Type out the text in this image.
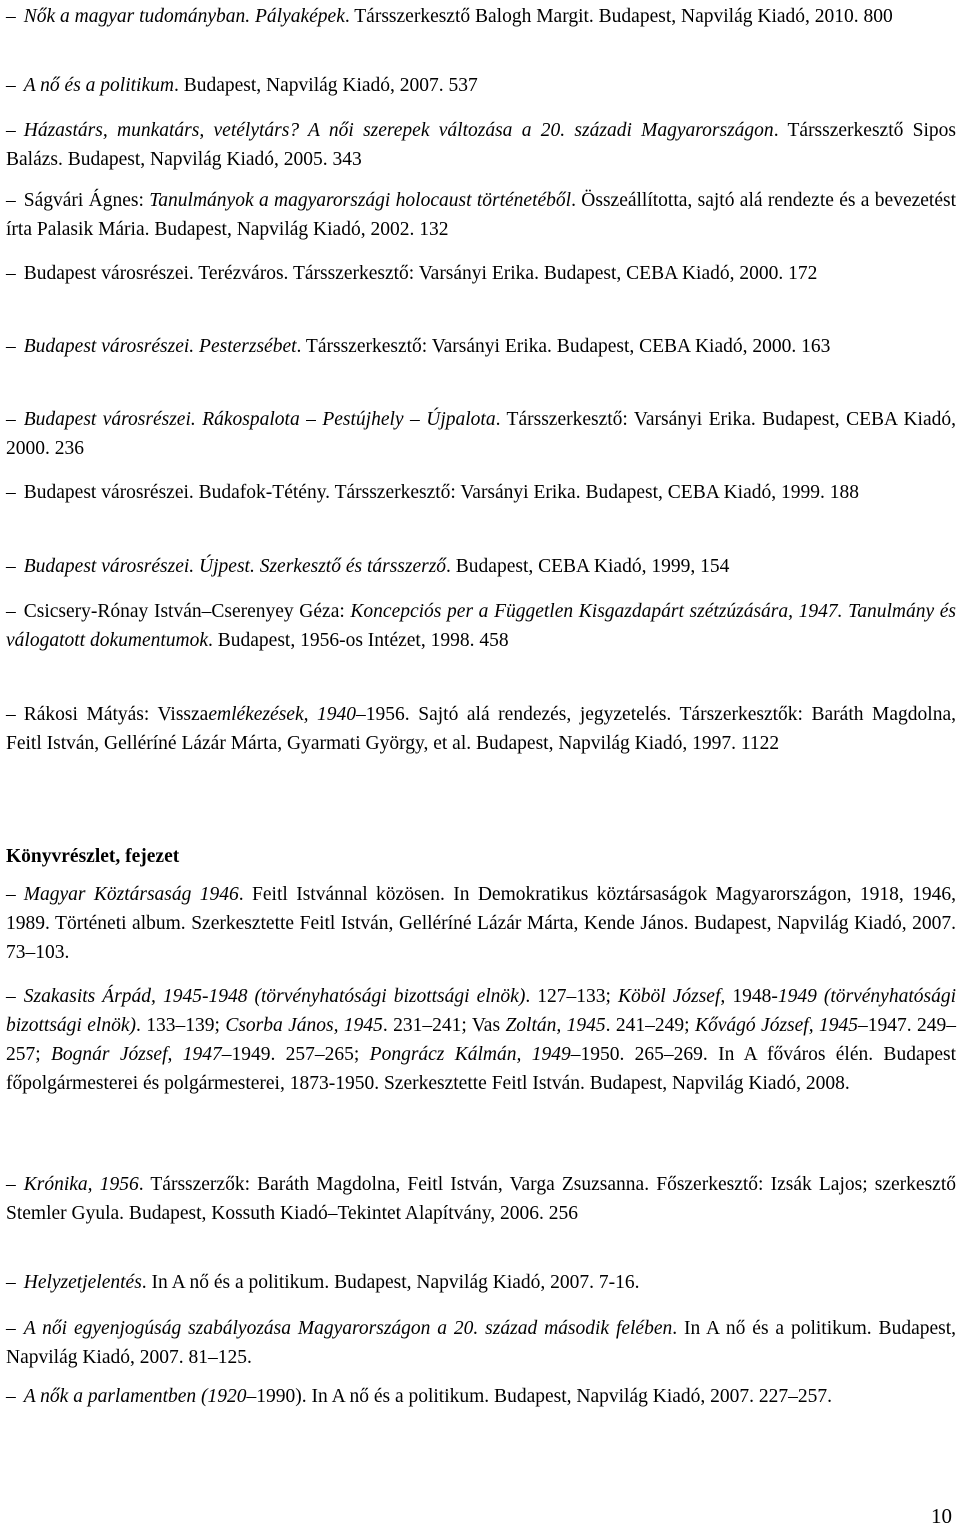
– Nők a magyar tudományban. Pályaképek. Társszerkesztő Balogh Margit. Budapest, Napvilág Kiadó, 2010. 800

– A nő és a politikum. Budapest, Napvilág Kiadó, 2007. 537

– Házastárs, munkatárs, vetélytárs? A női szerepek változása a 20. századi Magyarországon. Társszerkesztő Sipos Balázs. Budapest, Napvilág Kiadó, 2005. 343

– Ságvári Ágnes: Tanulmányok a magyarországi holocaust történetéből. Összeállította, sajtó alá rendezte és a bevezetést írta Palasik Mária. Budapest, Napvilág Kiadó, 2002. 132

– Budapest városrészei. Terézváros. Társszerkesztő: Varsányi Erika. Budapest, CEBA Kiadó, 2000. 172

– Budapest városrészei. Pesterzsébet. Társszerkesztő: Varsányi Erika. Budapest, CEBA Kiadó, 2000. 163

– Budapest városrészei. Rákospalota – Pestújhely – Újpalota. Társszerkesztő: Varsányi Erika. Budapest, CEBA Kiadó, 2000. 236

– Budapest városrészei. Budafok-Tétény. Társszerkesztő: Varsányi Erika. Budapest, CEBA Kiadó, 1999. 188

– Budapest városrészei. Újpest. Szerkesztő és társszerző. Budapest, CEBA Kiadó, 1999, 154

– Csicsery-Rónay István–Cserenyey Géza: Koncepciós per a Független Kisgazdapárt szétzúzására, 1947. Tanulmány és válogatott dokumentumok. Budapest, 1956-os Intézet, 1998. 458

– Rákosi Mátyás: Visszaemlékezések, 1940–1956. Sajtó alá rendezés, jegyzetelés. Társzerkesztők: Baráth Magdolna, Feitl István, Gelléríné Lázár Márta, Gyarmati György, et al. Budapest, Napvilág Kiadó, 1997. 1122

Könyvrészlet, fejezet

– Magyar Köztársaság 1946. Feitl Istvánnal közösen. In Demokratikus köztársaságok Magyarországon, 1918, 1946, 1989. Történeti album. Szerkesztette Feitl István, Gelléríné Lázár Márta, Kende János. Budapest, Napvilág Kiadó, 2007. 73–103.

– Szakasits Árpád, 1945-1948 (törvényhatósági bizottsági elnök). 127–133; Köböl József, 1948-1949 (törvényhatósági bizottsági elnök). 133–139; Csorba János, 1945. 231–241; Vas Zoltán, 1945. 241–249; Kővágó József, 1945–1947. 249–257; Bognár József, 1947–1949. 257–265; Pongrácz Kálmán, 1949–1950. 265–269. In A főváros élén. Budapest főpolgármesterei és polgármesterei, 1873-1950. Szerkesztette Feitl István. Budapest, Napvilág Kiadó, 2008.

– Krónika, 1956. Társszerzők: Baráth Magdolna, Feitl István, Varga Zsuzsanna. Főszerkesztő: Izsák Lajos; szerkesztő Stemler Gyula. Budapest, Kossuth Kiadó–Tekintet Alapítvány, 2006. 256

– Helyzetjelentés. In A nő és a politikum. Budapest, Napvilág Kiadó, 2007. 7-16.

– A női egyenjogúság szabályozása Magyarországon a 20. század második felében. In A nő és a politikum. Budapest, Napvilág Kiadó, 2007. 81–125.

– A nők a parlamentben (1920–1990). In A nő és a politikum. Budapest, Napvilág Kiadó, 2007. 227–257.

10
